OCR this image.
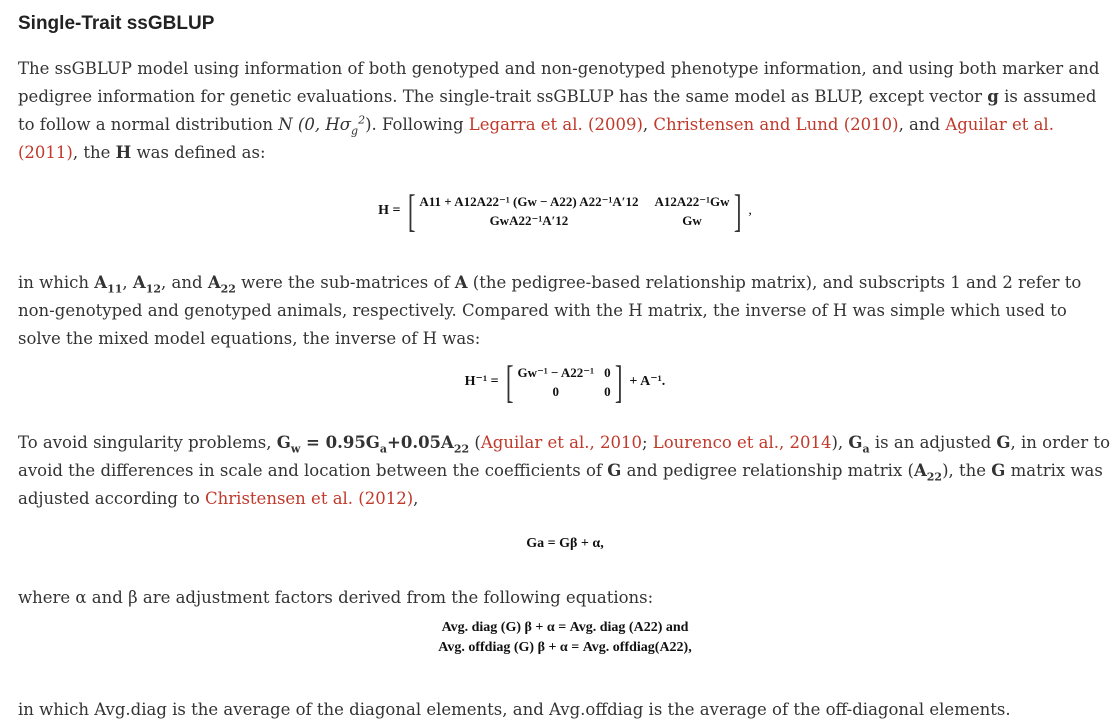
Single-Trait ssGBLUP

The ssGBLUP model using information of both genotyped and non-genotyped phenotype information, and using both marker and pedigree information for genetic evaluations. The single-trait ssGBLUP has the same model as BLUP, except vector g is assumed to follow a normal distribution N (0, $H\sigma_g^2$). Following Legarra et al. (2009), Christensen and Lund (2010), and Aguilar et al. (2011), the H was defined as:

H = [ A11 + A12A22⁻¹ (Gw − A22) A22⁻¹A′12 A12A22⁻¹Gw
GwA22⁻¹A′12	Gw ] ,

in which $A_{11}$, $A_{12}$, and $A_{22}$ were the sub-matrices of A (the pedigree-based relationship matrix), and subscripts 1 and 2 refer to non-genotyped and genotyped animals, respectively. Compared with the H matrix, the inverse of H was simple which used to solve the mixed model equations, the inverse of H was:

H⁻¹ = [ Gw⁻¹ − A22⁻¹ 0
0	0 ] + A⁻¹.

To avoid singularity problems, $G_w = 0.95G_a+0.05A_{22}$ (Aguilar et al., 2010; Lourenco et al., 2014), $G_a$ is an adjusted G, in order to avoid the differences in scale and location between the coefficients of G and pedigree relationship matrix $(A_{22})$, the G matrix was adjusted according to Christensen et al. (2012),

Ga = Gβ + α,

where α and β are adjustment factors derived from the following equations:

Avg. diag (G) β + α = Avg. diag (A22) and
Avg. offdiag (G) β + α = Avg. offdiag(A22),

in which Avg.diag is the average of the diagonal elements, and Avg.offdiag is the average of the off-diagonal elements.
